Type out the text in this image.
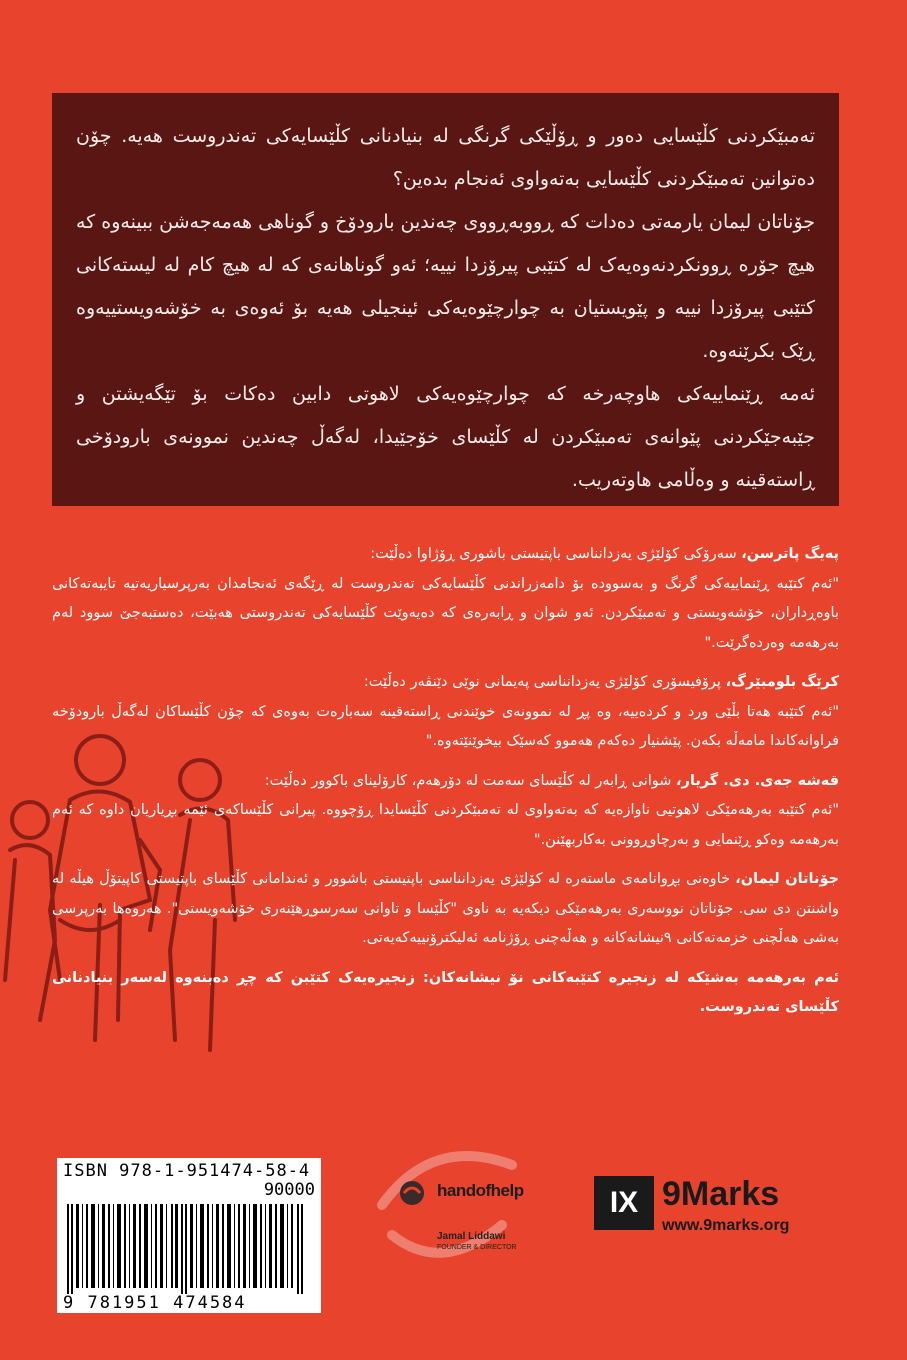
تەمبێکردنی کڵێسایی دەور و ڕۆڵێکی گرنگی لە بنیادنانی کڵێسایەکی تەندروست هەیە. چۆن دەتوانین تەمبێکردنی کڵێسایی بەتەواوی ئەنجام بدەین؟

جۆناتان لیمان یارمەتی دەدات کە ڕووبەڕووی چەندین بارودۆخ و گوناهی هەمەجەشن ببینەوە کە هیچ جۆرە ڕوونکردنەوەیەک لە کتێبی پیرۆزدا نییە؛ ئەو گوناهانەی کە لە هیچ کام لە لیستەکانی کتێبی پیرۆزدا نییە و پێویستیان بە چوارچێوەیەکی ئینجیلی هەیە بۆ ئەوەی بە خۆشەویستییەوە ڕێک بکرێنەوە.

ئەمە ڕێنماییەکی هاوچەرخە کە چوارچێوەیەکی لاهوتی دابین دەکات بۆ تێگەیشتن و جێبەجێکردنی پێوانەی تەمبێکردن لە کڵێسای خۆجێیدا، لەگەڵ چەندین نموونەی بارودۆخی ڕاستەقینە و وەڵامی هاوتەریب.

پەیگ پاترسن، سەرۆکی کۆلێژی یەزدانناسی باپتیستی باشوری ڕۆژاوا دەڵێت:
"ئەم کتێبە ڕێنماییەکی گرنگ و بەسوودە بۆ دامەزراندنی کڵێسایەکی تەندروست لە ڕێگەی ئەنجامدان بەرپرسیاریەتیە تایبەتەکانی باوەڕداران، خۆشەویستی و تەمبێکردن. ئەو شوان و ڕابەرەی کە دەیەوێت کڵێسایەکی تەندروستی هەبێت، دەستبەجێ سوود لەم بەرهەمە وەردەگرێت."

کرێگ بلومبێرگ، پرۆفیسۆری کۆلێژی یەزدانناسی پەیمانی نوێی دێنڤەر دەڵێت:
"ئەم کتێبە هەتا بڵێی ورد و کردەییە، وە پڕ لە نموونەی خوێندنی ڕاستەقینە سەبارەت بەوەی کە چۆن کڵێساکان لەگەڵ بارودۆخە فراوانەکاندا مامەڵە بکەن. پێشنیار دەکەم هەموو کەسێک بیخوێنێتەوە."

قەشە جەی. دی. گریار، شوانی ڕابەر لە کڵێسای سەمت لە دۆرهەم، کارۆلینای باکوور دەڵێت:
"ئەم کتێبە بەرهەمێکی لاهوتیی ناوازەیە کە بەتەواوی لە تەمبێکردنی کڵێسایدا ڕۆچووە. پیرانی کڵێساکەی ئێمە بڕیاریان داوە کە ئەم بەرهەمە وەکو ڕێنمایی و بەرچاوڕوونی بەکاربهێنن."

جۆناتان لیمان، خاوەنی بڕوانامەی ماستەرە لە کۆلێژی یەزدانناسی باپتیستی باشوور و ئەندامانی کڵێسای باپتیستی کاپیتۆڵ هیڵە لە واشنتن دی سی. جۆناتان نووسەری بەرهەمێکی دیکەیە بە ناوی "کڵێسا و تاوانی سەرسوڕهێنەری خۆشەویستی". هەروەها بەرپرسی بەشی هەڵچنی خزمەتەکانی ٩نیشانەکانە و هەڵەچنی ڕۆژنامە ئەلیکترۆنییەکەیەتی.

ئەم بەرهەمە بەشێکە لە زنجیرە کتێبەکانی نۆ نیشانەکان: زنجیرەیەک کتێبن کە چڕ دەبنەوە لەسەر بنیادنانی کڵێسای تەندروست.

ISBN 978-1-951474-58-4
90000
9 781951 474584
handofhelp
Jamal Liddawi
FOUNDER & DIRECTOR
IX 9Marks
www.9marks.org
